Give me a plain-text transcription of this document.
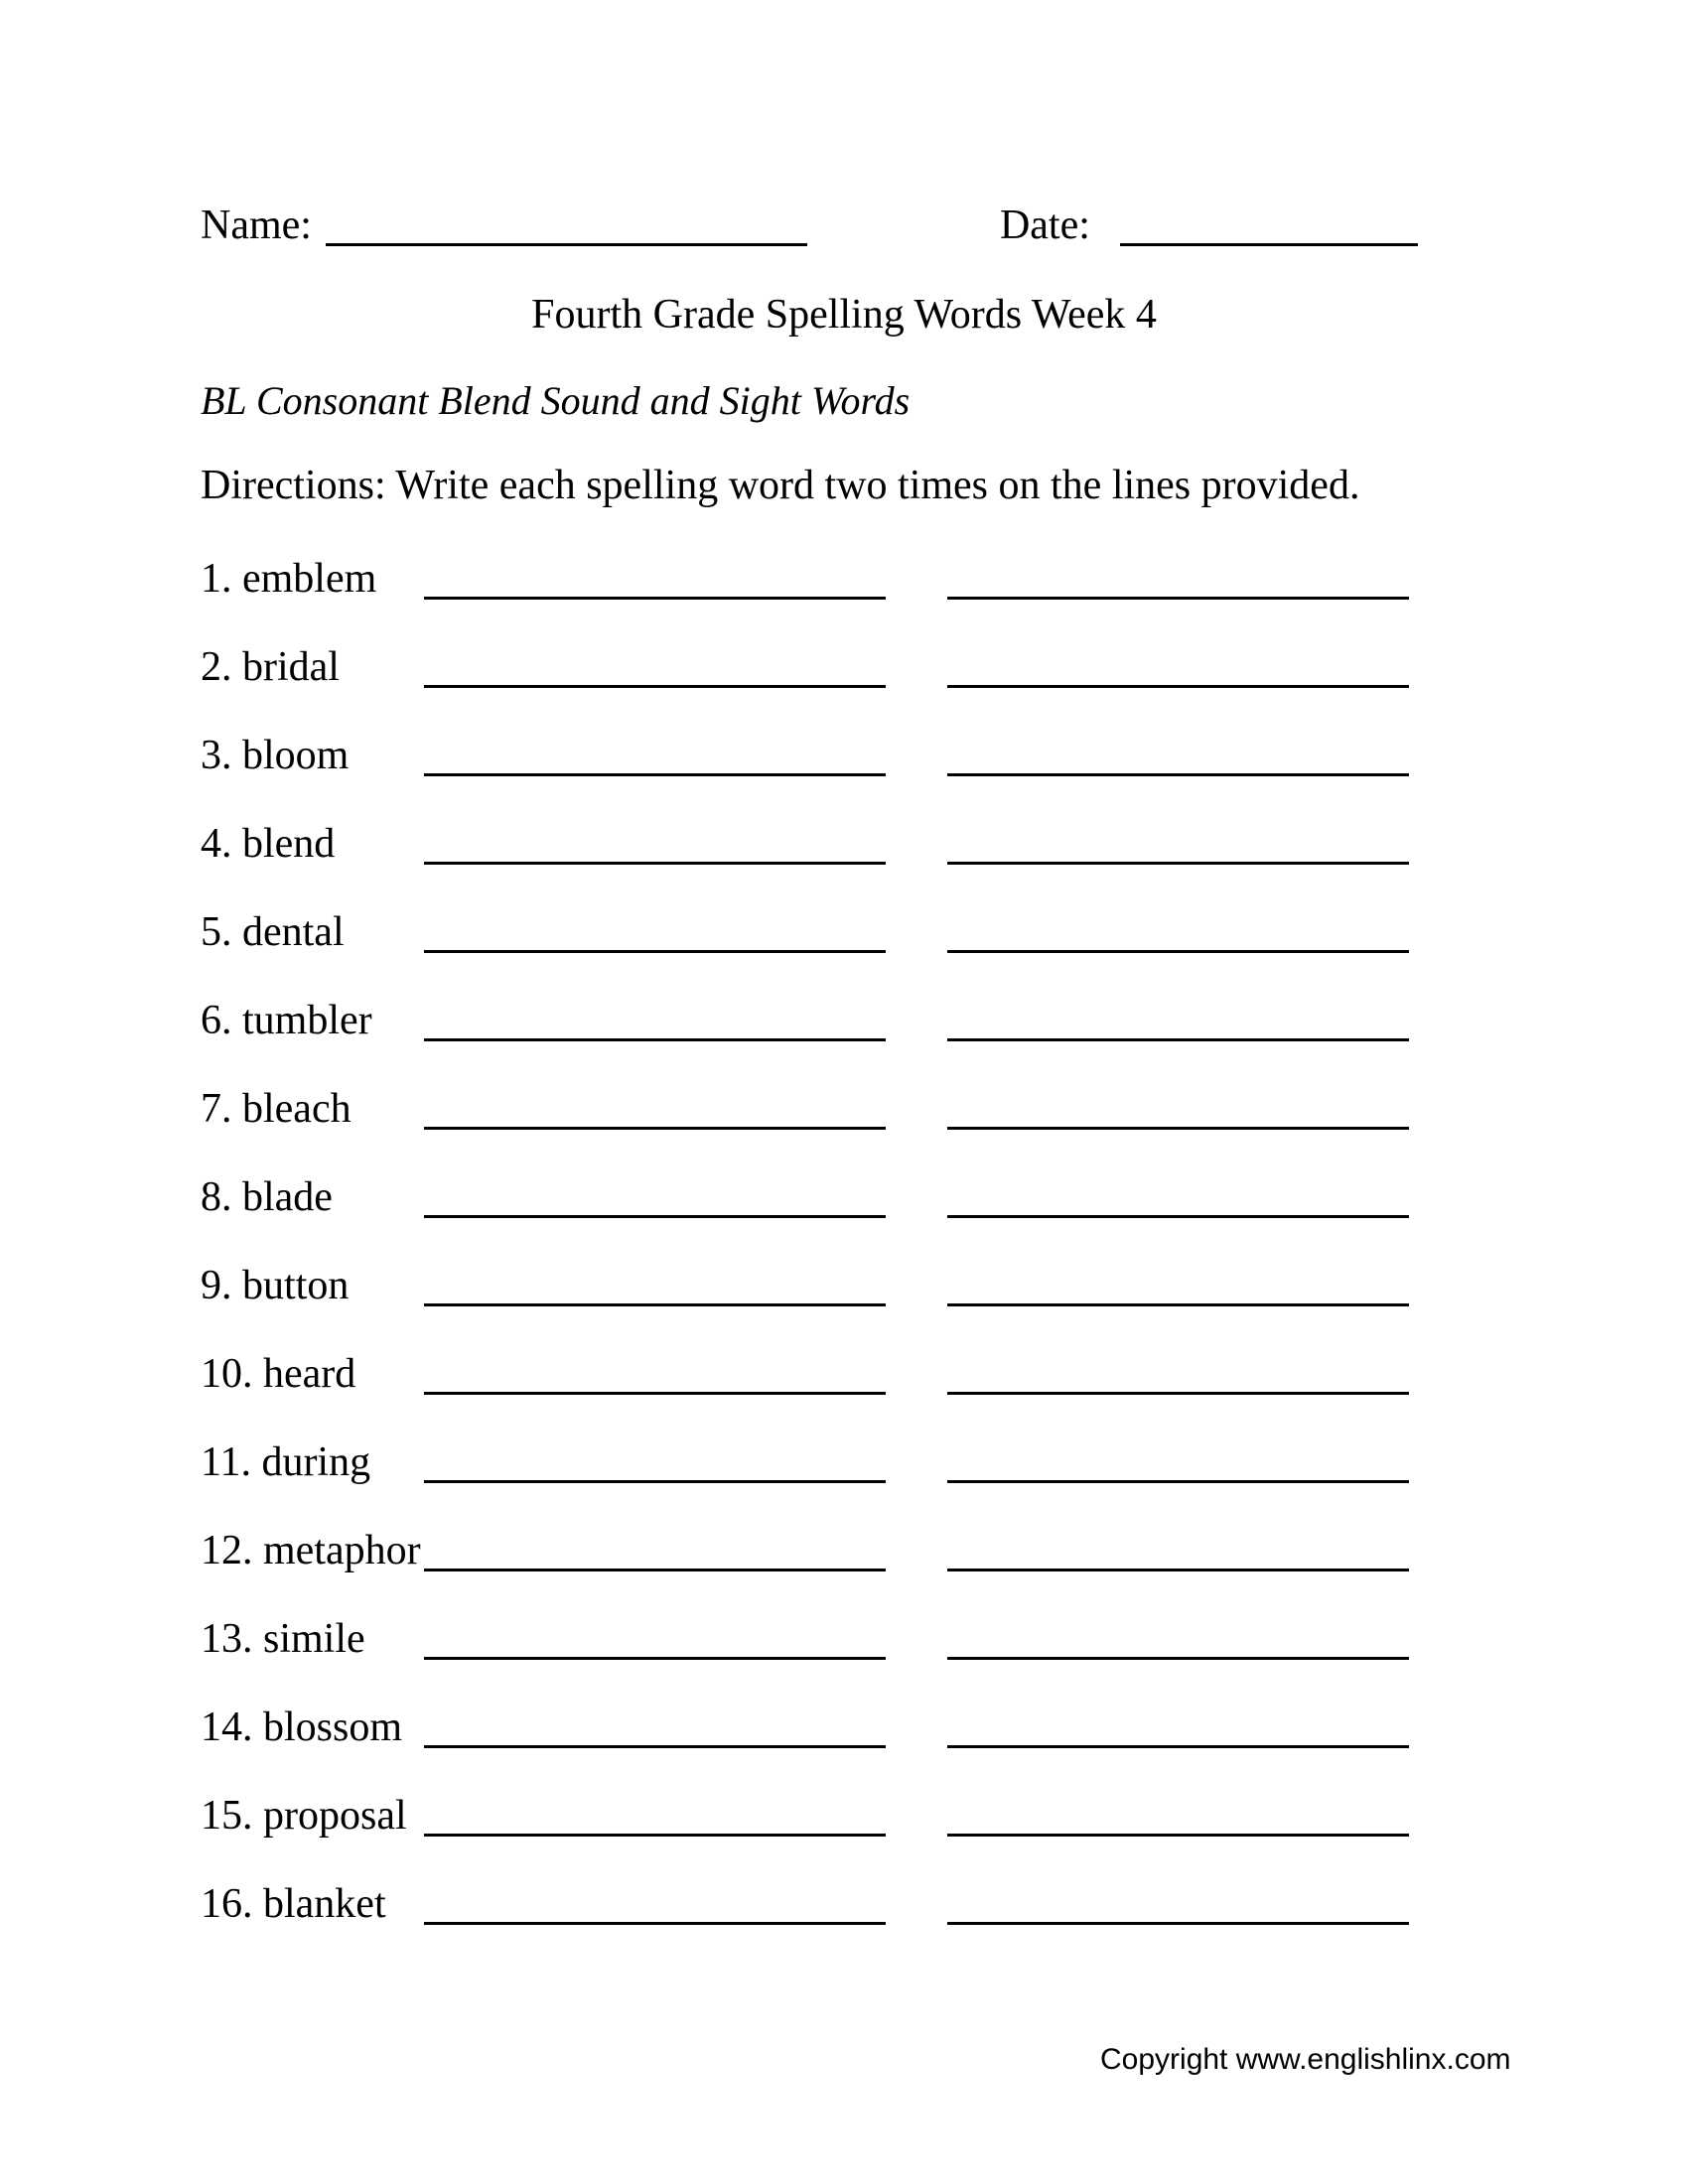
Name:	Date:
Fourth Grade Spelling Words Week 4
BL Consonant Blend Sound and Sight Words
Directions: Write each spelling word two times on the lines provided.
1. emblem
2. bridal
3. bloom
4. blend
5. dental
6. tumbler
7. bleach
8. blade
9. button
10. heard
11. during
12. metaphor
13. simile
14. blossom
15. proposal
16. blanket
Copyright www.englishlinx.com
